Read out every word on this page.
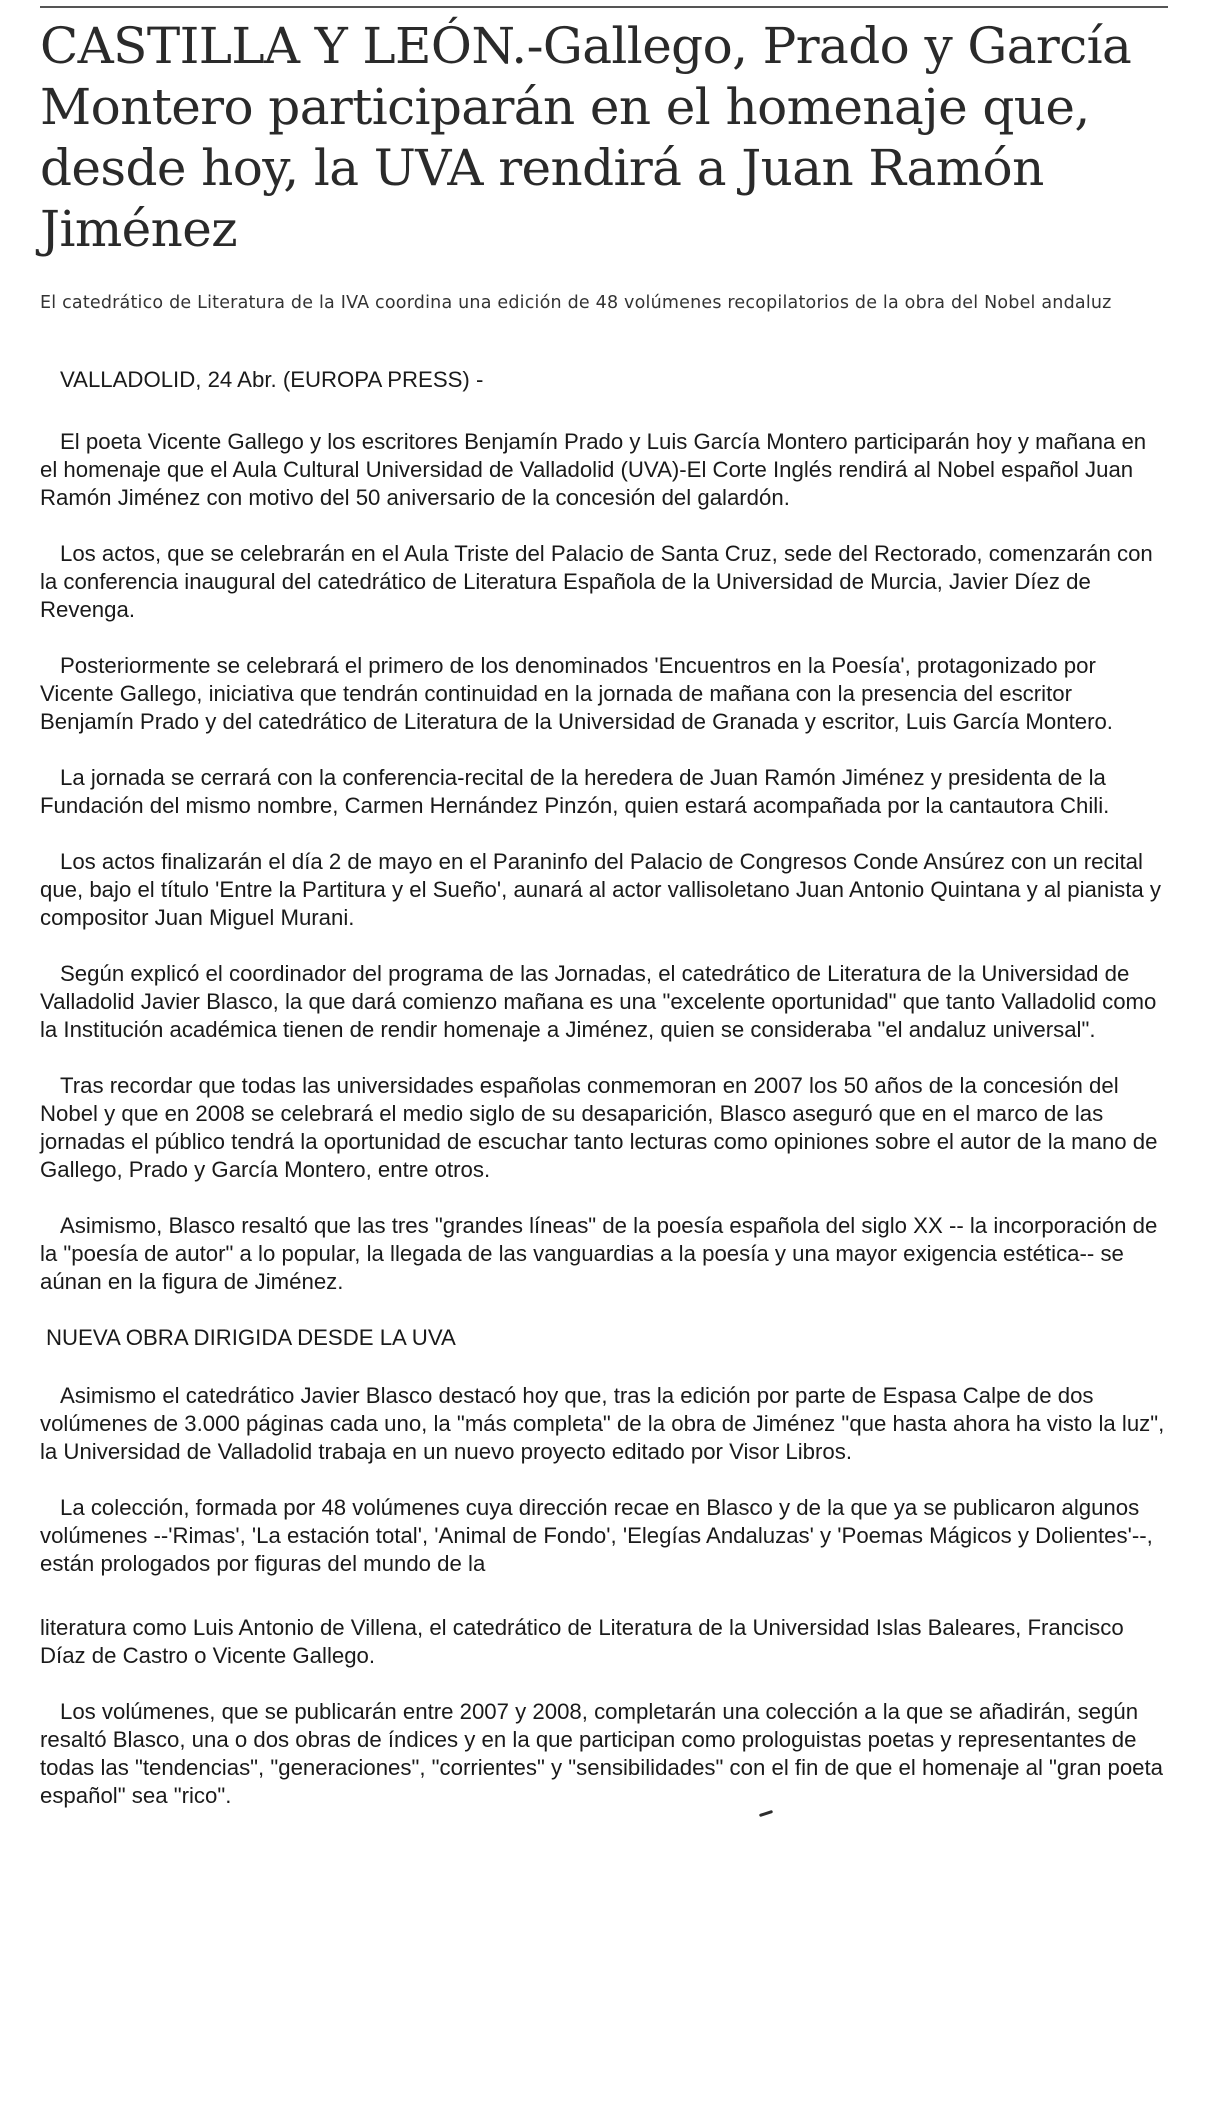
CASTILLA Y LEÓN.-Gallego, Prado y García Montero participarán en el homenaje que, desde hoy, la UVA rendirá a Juan Ramón Jiménez

El catedrático de Literatura de la IVA coordina una edición de 48 volúmenes recopilatorios de la obra del Nobel andaluz

VALLADOLID, 24 Abr. (EUROPA PRESS) -

El poeta Vicente Gallego y los escritores Benjamín Prado y Luis García Montero participarán hoy y mañana en el homenaje que el Aula Cultural Universidad de Valladolid (UVA)-El Corte Inglés rendirá al Nobel español Juan Ramón Jiménez con motivo del 50 aniversario de la concesión del galardón.

Los actos, que se celebrarán en el Aula Triste del Palacio de Santa Cruz, sede del Rectorado, comenzarán con la conferencia inaugural del catedrático de Literatura Española de la Universidad de Murcia, Javier Díez de Revenga.

Posteriormente se celebrará el primero de los denominados 'Encuentros en la Poesía', protagonizado por Vicente Gallego, iniciativa que tendrán continuidad en la jornada de mañana con la presencia del escritor Benjamín Prado y del catedrático de Literatura de la Universidad de Granada y escritor, Luis García Montero.

La jornada se cerrará con la conferencia-recital de la heredera de Juan Ramón Jiménez y presidenta de la Fundación del mismo nombre, Carmen Hernández Pinzón, quien estará acompañada por la cantautora Chili.

Los actos finalizarán el día 2 de mayo en el Paraninfo del Palacio de Congresos Conde Ansúrez con un recital que, bajo el título 'Entre la Partitura y el Sueño', aunará al actor vallisoletano Juan Antonio Quintana y al pianista y compositor Juan Miguel Murani.

Según explicó el coordinador del programa de las Jornadas, el catedrático de Literatura de la Universidad de Valladolid Javier Blasco, la que dará comienzo mañana es una "excelente oportunidad" que tanto Valladolid como la Institución académica tienen de rendir homenaje a Jiménez, quien se consideraba "el andaluz universal".

Tras recordar que todas las universidades españolas conmemoran en 2007 los 50 años de la concesión del Nobel y que en 2008 se celebrará el medio siglo de su desaparición, Blasco aseguró que en el marco de las jornadas el público tendrá la oportunidad de escuchar tanto lecturas como opiniones sobre el autor de la mano de Gallego, Prado y García Montero, entre otros.

Asimismo, Blasco resaltó que las tres "grandes líneas" de la poesía española del siglo XX -- la incorporación de la "poesía de autor" a lo popular, la llegada de las vanguardias a la poesía y una mayor exigencia estética-- se aúnan en la figura de Jiménez.

NUEVA OBRA DIRIGIDA DESDE LA UVA

Asimismo el catedrático Javier Blasco destacó hoy que, tras la edición por parte de Espasa Calpe de dos volúmenes de 3.000 páginas cada uno, la "más completa" de la obra de Jiménez "que hasta ahora ha visto la luz", la Universidad de Valladolid trabaja en un nuevo proyecto editado por Visor Libros.

La colección, formada por 48 volúmenes cuya dirección recae en Blasco y de la que ya se publicaron algunos volúmenes --'Rimas', 'La estación total', 'Animal de Fondo', 'Elegías Andaluzas' y 'Poemas Mágicos y Dolientes'--, están prologados por figuras del mundo de la

literatura como Luis Antonio de Villena, el catedrático de Literatura de la Universidad Islas Baleares, Francisco Díaz de Castro o Vicente Gallego.

Los volúmenes, que se publicarán entre 2007 y 2008, completarán una colección a la que se añadirán, según resaltó Blasco, una o dos obras de índices y en la que participan como prologuistas poetas y representantes de todas las "tendencias", "generaciones", "corrientes" y "sensibilidades" con el fin de que el homenaje al "gran poeta español" sea "rico".
